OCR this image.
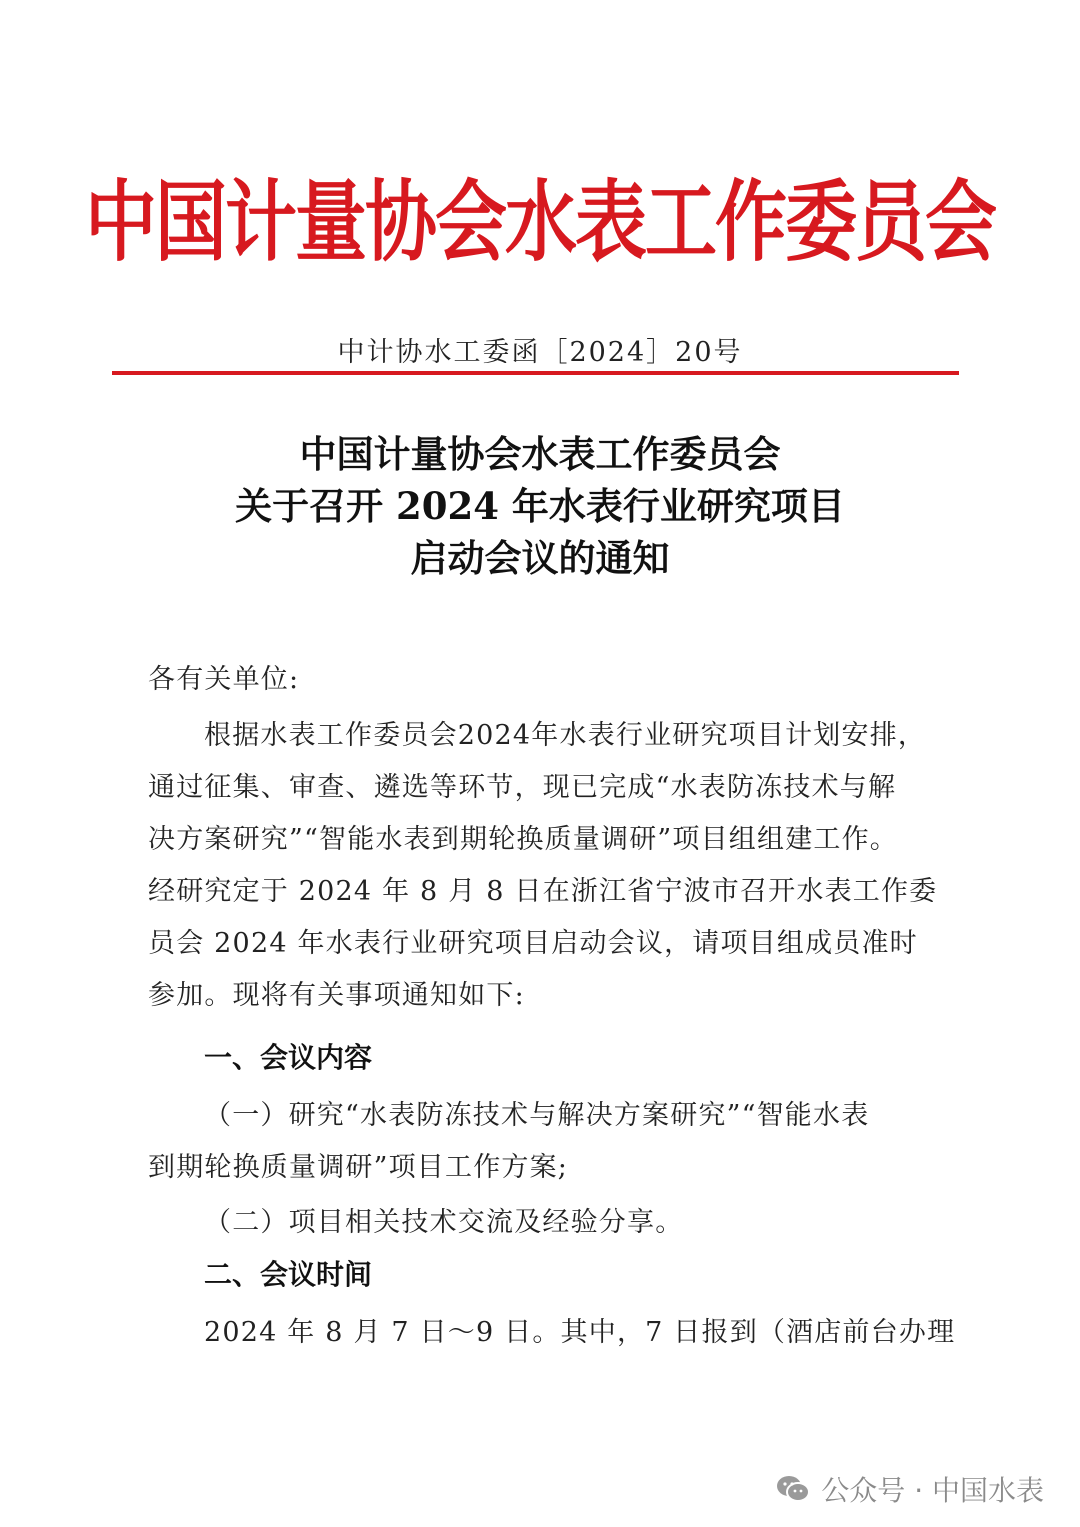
中国计量协会水表工作委员会
中计协水工委函［2024］20号
中国计量协会水表工作委员会
关于召开 2024 年水表行业研究项目
启动会议的通知
各有关单位:
根据水表工作委员会2024年水表行业研究项目计划安排，
通过征集、审查、遴选等环节，现已完成“水表防冻技术与解
决方案研究”“智能水表到期轮换质量调研”项目组组建工作。
经研究定于 2024 年 8 月 8 日在浙江省宁波市召开水表工作委
员会 2024 年水表行业研究项目启动会议，请项目组成员准时
参加。现将有关事项通知如下:
一、会议内容
（一）研究“水表防冻技术与解决方案研究”“智能水表
到期轮换质量调研”项目工作方案;
（二）项目相关技术交流及经验分享。
二、会议时间
2024 年 8 月 7 日～9 日。其中，7 日报到（酒店前台办理
公众号 · 中国水表
